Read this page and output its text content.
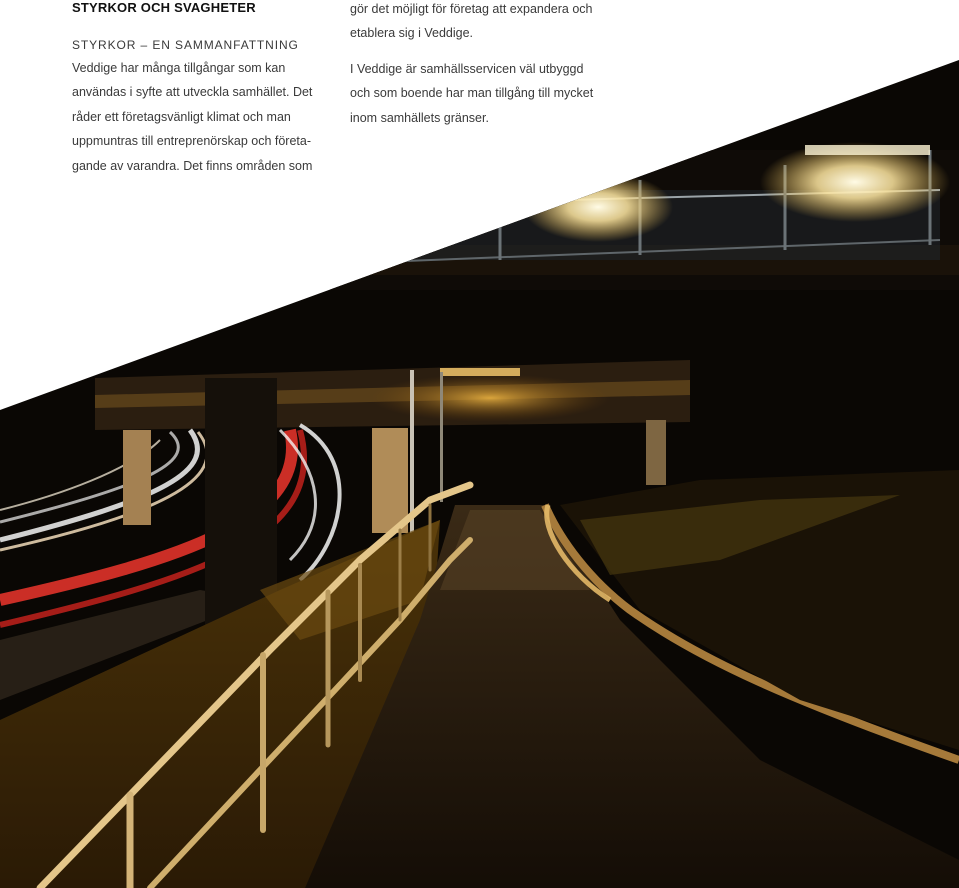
STYRKOR OCH SVAGHETER
STYRKOR – EN SAMMANFATTNING
Veddige har många tillgångar som kan
användas i syfte att utveckla samhället. Det
råder ett företagsvänligt klimat och man
uppmuntras till entreprenörskap och företa-
gande av varandra. Det finns områden som

gör det möjligt för företag att expandera och
etablera sig i Veddige.

I Veddige är samhällsservicen väl utbyggd
och som boende har man tillgång till mycket
inom samhällets gränser.
